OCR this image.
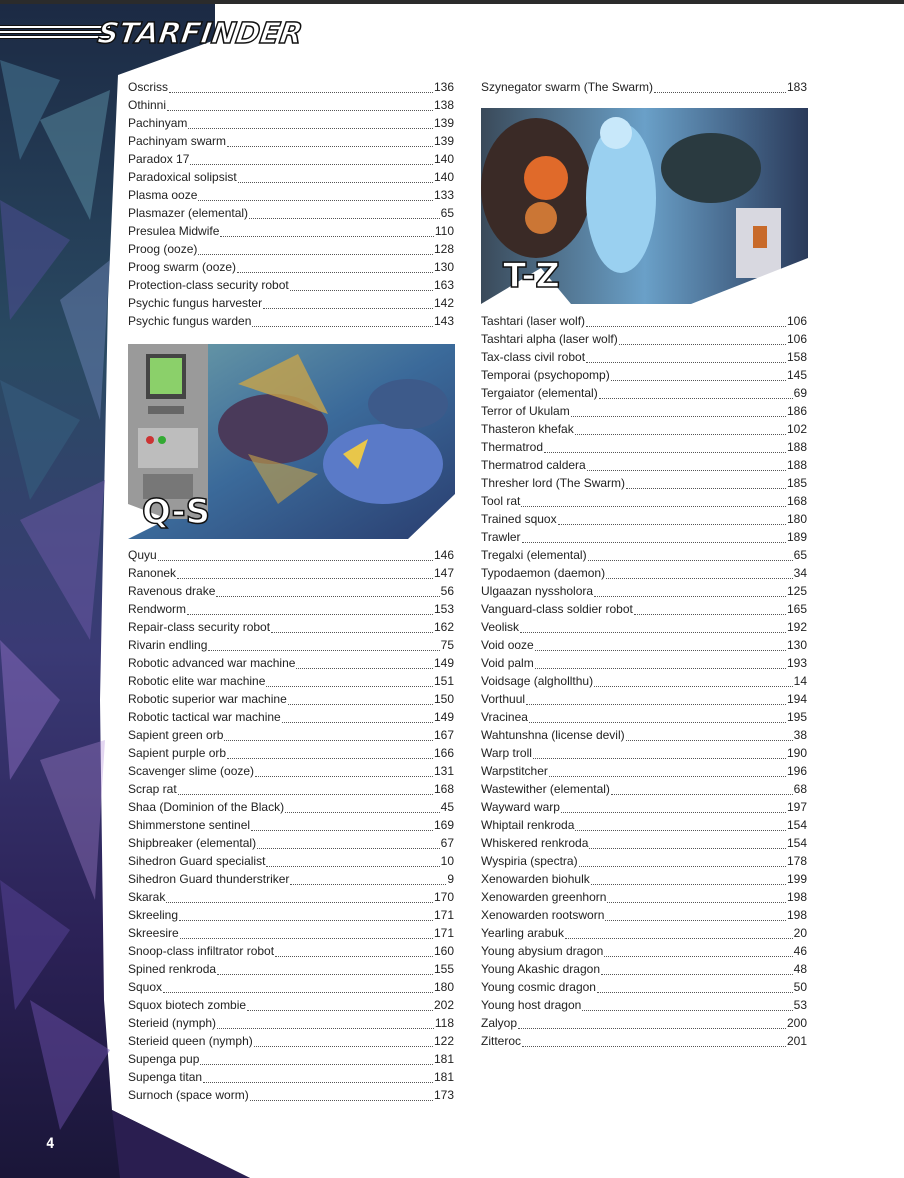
STARFINDER
Oscriss	136
Othinni	138
Pachinyam	139
Pachinyam swarm	139
Paradox 17	140
Paradoxical solipsist	140
Plasma ooze	133
Plasmazer (elemental)	65
Presulea Midwife	110
Proog (ooze)	128
Proog swarm (ooze)	130
Protection-class security robot	163
Psychic fungus harvester	142
Psychic fungus warden	143
Q-S
Quyu	146
Ranonek	147
Ravenous drake	56
Rendworm	153
Repair-class security robot	162
Rivarin endling	75
Robotic advanced war machine	149
Robotic elite war machine	151
Robotic superior war machine	150
Robotic tactical war machine	149
Sapient green orb	167
Sapient purple orb	166
Scavenger slime (ooze)	131
Scrap rat	168
Shaa (Dominion of the Black)	45
Shimmerstone sentinel	169
Shipbreaker (elemental)	67
Sihedron Guard specialist	10
Sihedron Guard thunderstriker	9
Skarak	170
Skreeling	171
Skreesire	171
Snoop-class infiltrator robot	160
Spined renkroda	155
Squox	180
Squox biotech zombie	202
Sterieid (nymph)	118
Sterieid queen (nymph)	122
Supenga pup	181
Supenga titan	181
Surnoch (space worm)	173
Szynegator swarm (The Swarm)	183
T-Z
Tashtari (laser wolf)	106
Tashtari alpha (laser wolf)	106
Tax-class civil robot	158
Temporai (psychopomp)	145
Tergaiator (elemental)	69
Terror of Ukulam	186
Thasteron khefak	102
Thermatrod	188
Thermatrod caldera	188
Thresher lord (The Swarm)	185
Tool rat	168
Trained squox	180
Trawler	189
Tregalxi (elemental)	65
Typodaemon (daemon)	34
Ulgaazan nyssholora	125
Vanguard-class soldier robot	165
Veolisk	192
Void ooze	130
Void palm	193
Voidsage (alghollthu)	14
Vorthuul	194
Vracinea	195
Wahtunshna (license devil)	38
Warp troll	190
Warpstitcher	196
Wastewither (elemental)	68
Wayward warp	197
Whiptail renkroda	154
Whiskered renkroda	154
Wyspiria (spectra)	178
Xenowarden biohulk	199
Xenowarden greenhorn	198
Xenowarden rootsworn	198
Yearling arabuk	20
Young abysium dragon	46
Young Akashic dragon	48
Young cosmic dragon	50
Young host dragon	53
Zalyop	200
Zitteroc	201
4
